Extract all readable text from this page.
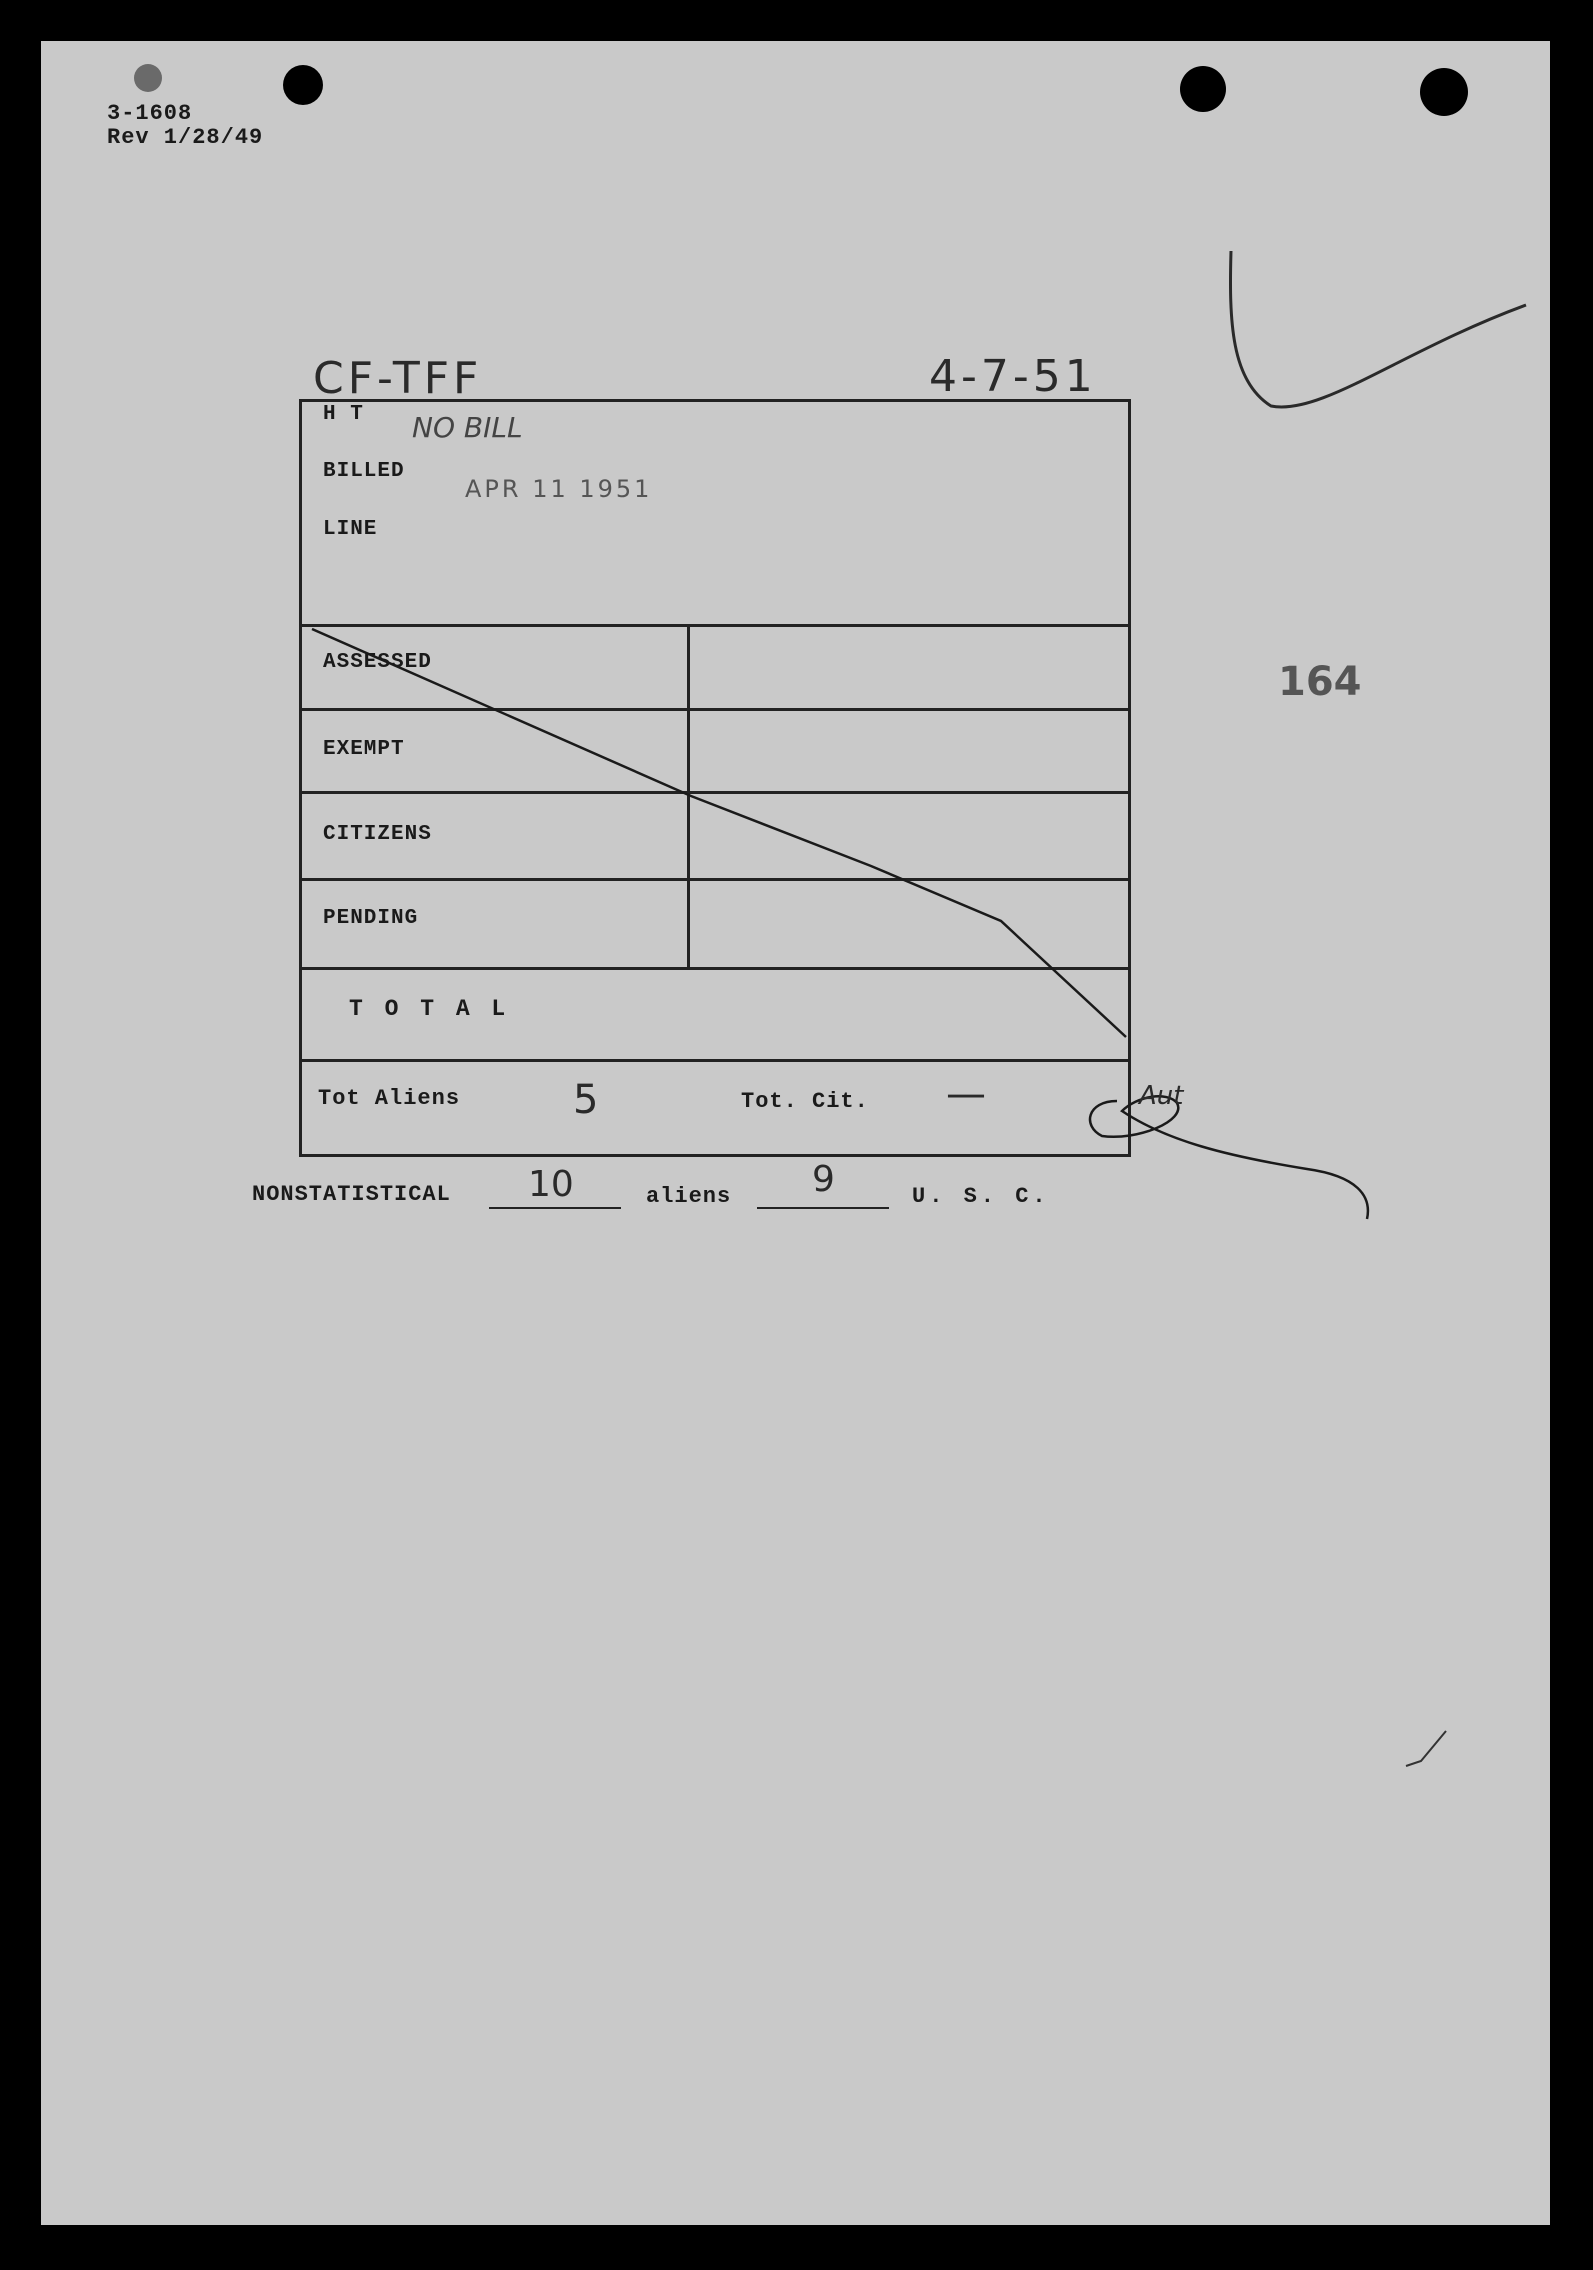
3-1608
Rev 1/28/49
CF-TFF	4-7-51
164
H T NO BILL
BILLED
APR 11 1951
LINE
ASSESSED
EXEMPT
CITIZENS
PENDING
T O T A L
Tot Aliens	5	Tot. Cit. —	Aut
NONSTATISTICAL 10	aliens 9	U. S. C.
